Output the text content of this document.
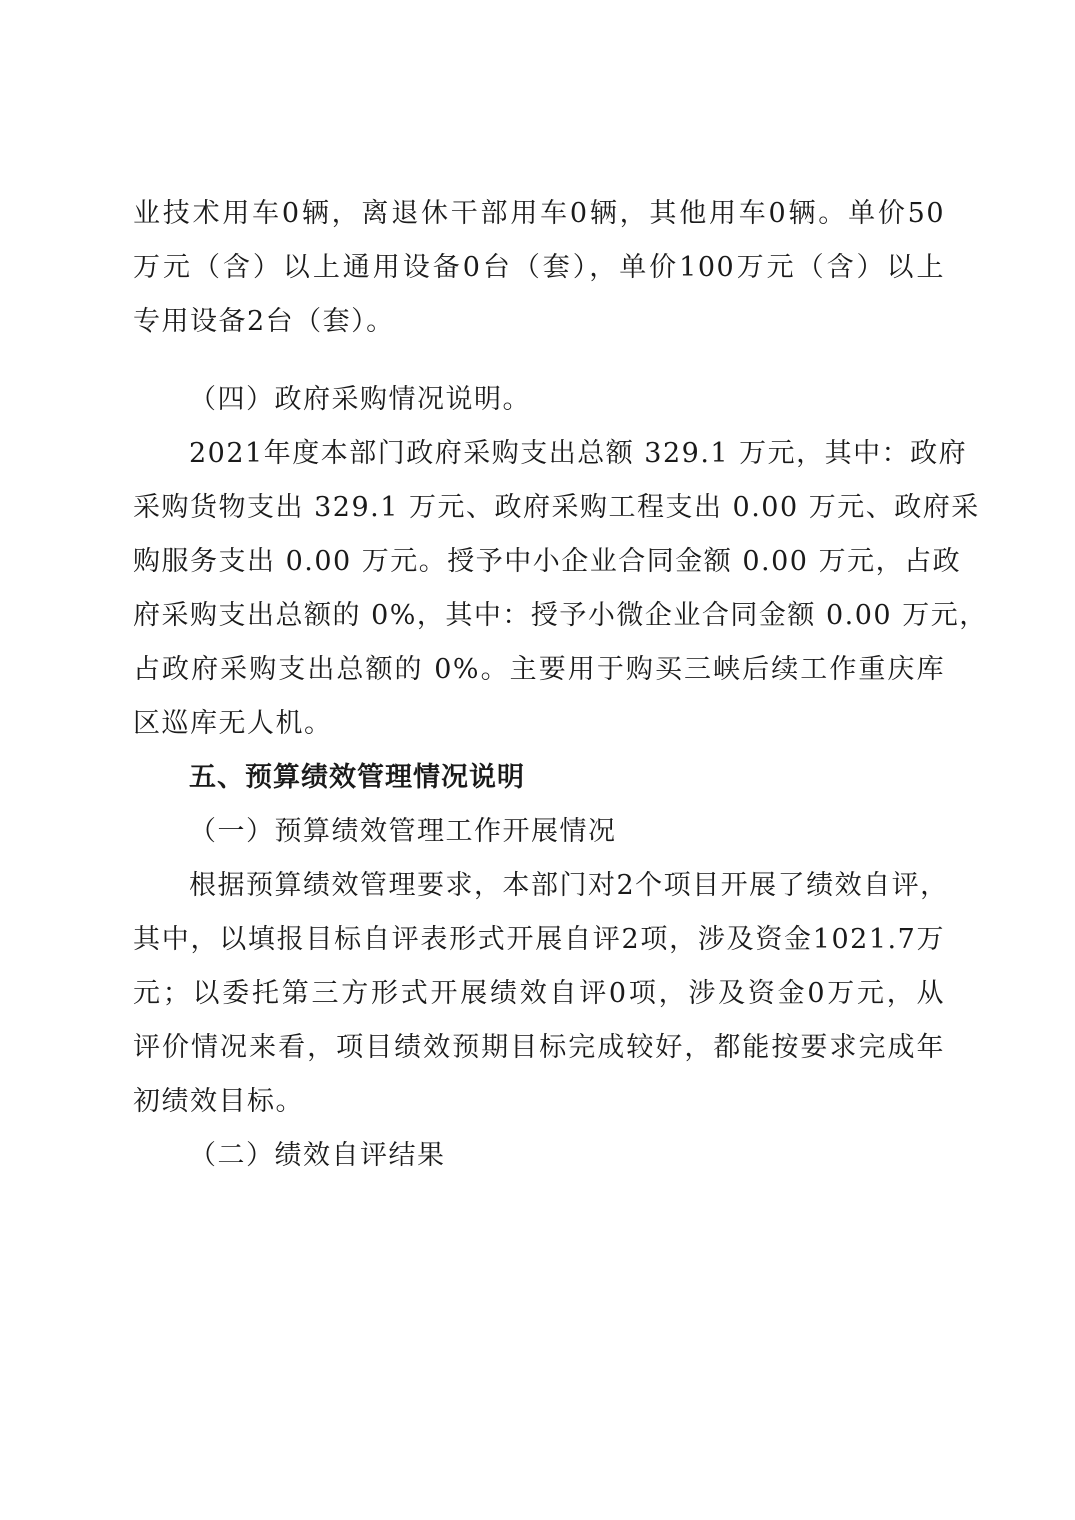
业技术用车0辆，离退休干部用车0辆，其他用车0辆。单价50
万元（含）以上通用设备0台（套），单价100万元（含）以上
专用设备2台（套）。
（四）政府采购情况说明。
2021年度本部门政府采购支出总额 329.1 万元，其中：政府
采购货物支出 329.1 万元、政府采购工程支出 0.00 万元、政府采
购服务支出 0.00 万元。授予中小企业合同金额 0.00 万元，占政
府采购支出总额的 0%，其中：授予小微企业合同金额 0.00 万元，
占政府采购支出总额的 0%。主要用于购买三峡后续工作重庆库
区巡库无人机。
五、预算绩效管理情况说明
（一）预算绩效管理工作开展情况
根据预算绩效管理要求，本部门对2个项目开展了绩效自评，
其中，以填报目标自评表形式开展自评2项，涉及资金1021.7万
元；以委托第三方形式开展绩效自评0项，涉及资金0万元，从
评价情况来看，项目绩效预期目标完成较好，都能按要求完成年
初绩效目标。
（二）绩效自评结果
